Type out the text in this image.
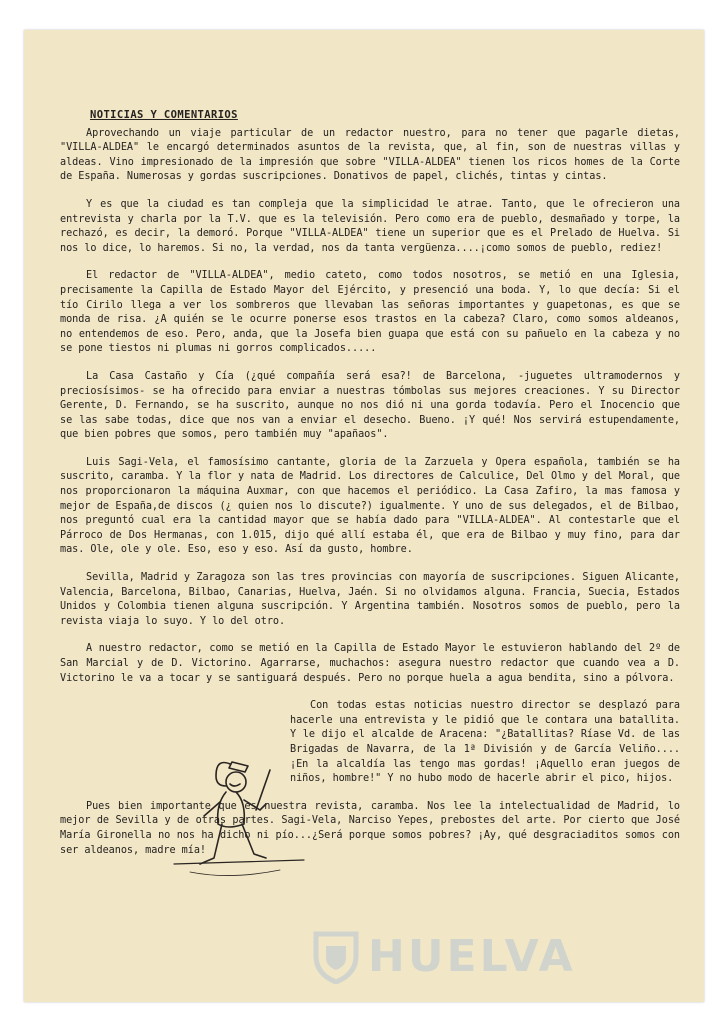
NOTICIAS Y COMENTARIOS

Aprovechando un viaje particular de un redactor nuestro, para no tener que pagarle dietas, "VILLA-ALDEA" le encargó determinados asuntos de la revista, que, al fin, son de nuestras villas y aldeas. Vino impresionado de la impresión que sobre "VILLA-ALDEA" tienen los ricos homes de la Corte de España. Numerosas y gordas suscripciones. Donativos de papel, clichés, tintas y cintas.

Y es que la ciudad es tan compleja que la simplicidad le atrae. Tanto, que le ofrecieron una entrevista y charla por la T.V. que es la televisión. Pero como era de pueblo, desmañado y torpe, la rechazó, es decir, la demoró. Porque "VILLA-ALDEA" tiene un superior que es el Prelado de Huelva. Si nos lo dice, lo haremos. Si no, la verdad, nos da tanta vergüenza....¡como somos de pueblo, rediez!

El redactor de "VILLA-ALDEA", medio cateto, como todos nosotros, se metió en una Iglesia, precisamente la Capilla de Estado Mayor del Ejército, y presenció una boda. Y, lo que decía: Si el tío Cirilo llega a ver los sombreros que llevaban las señoras importantes y guapetonas, es que se monda de risa. ¿A quién se le ocurre ponerse esos trastos en la cabeza? Claro, como somos aldeanos, no entendemos de eso. Pero, anda, que la Josefa bien guapa que está con su pañuelo en la cabeza y no se pone tiestos ni plumas ni gorros complicados.....

La Casa Castaño y Cía (¿qué compañía será esa?! de Barcelona, -juguetes ultramodernos y preciosísimos- se ha ofrecido para enviar a nuestras tómbolas sus mejores creaciones. Y su Director Gerente, D. Fernando, se ha suscrito, aunque no nos dió ni una gorda todavía. Pero el Inocencio que se las sabe todas, dice que nos van a enviar el desecho. Bueno. ¡Y qué! Nos servirá estupendamente, que bien pobres que somos, pero también muy "apañaos".

Luis Sagi-Vela, el famosísimo cantante, gloria de la Zarzuela y Opera española, también se ha suscrito, caramba. Y la flor y nata de Madrid. Los directores de Calculice, Del Olmo y del Moral, que nos proporcionaron la máquina Auxmar, con que hacemos el periódico. La Casa Zafiro, la mas famosa y mejor de España,de discos (¿ quien nos lo discute?) igualmente. Y uno de sus delegados, el de Bilbao, nos preguntó cual era la cantidad mayor que se había dado para "VILLA-ALDEA". Al contestarle que el Párroco de Dos Hermanas, con 1.015, dijo qué allí estaba él, que era de Bilbao y muy fino, para dar mas. Ole, ole y ole. Eso, eso y eso. Así da gusto, hombre.

Sevilla, Madrid y Zaragoza son las tres provincias con mayoría de suscripciones. Siguen Alicante, Valencia, Barcelona, Bilbao, Canarias, Huelva, Jaén. Si no olvidamos alguna. Francia, Suecia, Estados Unidos y Colombia tienen alguna suscripción. Y Argentina también. Nosotros somos de pueblo, pero la revista viaja lo suyo. Y lo del otro.

A nuestro redactor, como se metió en la Capilla de Estado Mayor le estuvieron hablando del 2º de San Marcial y de D. Victorino. Agarrarse, muchachos: asegura nuestro redactor que cuando vea a D. Victorino le va a tocar y se santiguará después. Pero no porque huela a agua bendita, sino a pólvora.

Con todas estas noticias nuestro director se desplazó para hacerle una entrevista y le pidió que le contara una batallita. Y le dijo el alcalde de Aracena: "¿Batallitas? Ríase Vd. de las Brigadas de Navarra, de la 1ª División y de García Veliño.... ¡En la alcaldía las tengo mas gordas! ¡Aquello eran juegos de niños, hombre!" Y no hubo modo de hacerle abrir el pico, hijos.

Pues bien importante que es nuestra revista, caramba. Nos lee la intelectualidad de Madrid, lo mejor de Sevilla y de otras partes. Sagi-Vela, Narciso Yepes, prebostes del arte. Por cierto que José María Gironella no nos ha dicho ni pío...¿Será porque somos pobres? ¡Ay, qué desgraciaditos somos con ser aldeanos, madre mía!

HUELVA
